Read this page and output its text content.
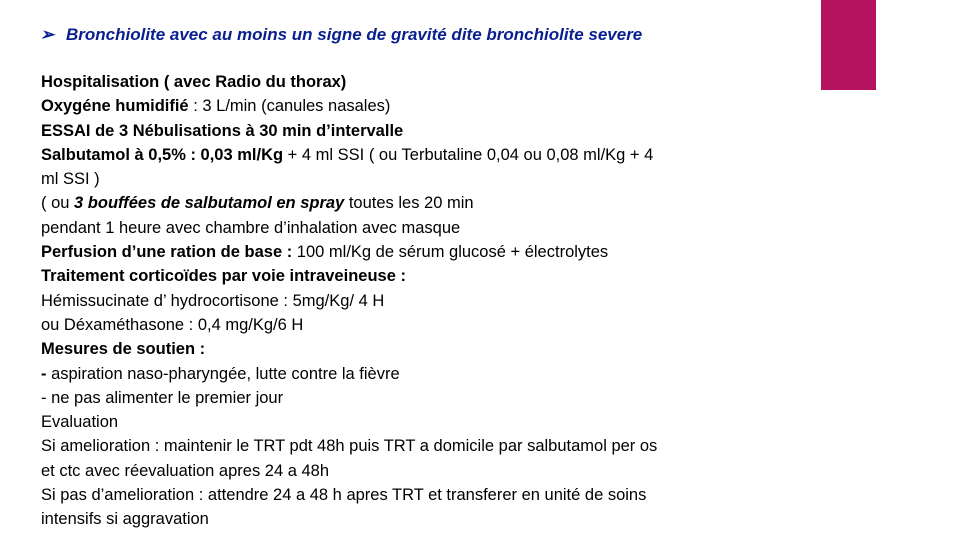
➢ Bronchiolite avec au moins un signe de gravité dite bronchiolite severe
Hospitalisation ( avec Radio du thorax)
Oxygéne humidifié : 3 L/min (canules nasales)
ESSAI de 3 Nébulisations à 30 min d’intervalle
Salbutamol à 0,5% : 0,03 ml/Kg + 4 ml SSI ( ou Terbutaline 0,04 ou 0,08 ml/Kg + 4
ml SSI )
( ou 3 bouffées de salbutamol en spray toutes les 20 min
pendant 1 heure avec chambre d’inhalation avec masque
Perfusion d’une ration de base : 100 ml/Kg de sérum glucosé + électrolytes
Traitement corticoïdes par voie intraveineuse :
Hémissucinate d’ hydrocortisone : 5mg/Kg/ 4 H
ou Déxaméthasone : 0,4 mg/Kg/6 H
Mesures de soutien :
- aspiration naso-pharyngée, lutte contre la fièvre
- ne pas alimenter le premier jour
Evaluation
Si amelioration : maintenir le TRT pdt 48h puis TRT a domicile par salbutamol per os
et ctc avec réevaluation apres 24 a 48h
Si pas d’amelioration : attendre 24 a 48 h apres TRT et transferer en unité de soins
intensifs si aggravation
